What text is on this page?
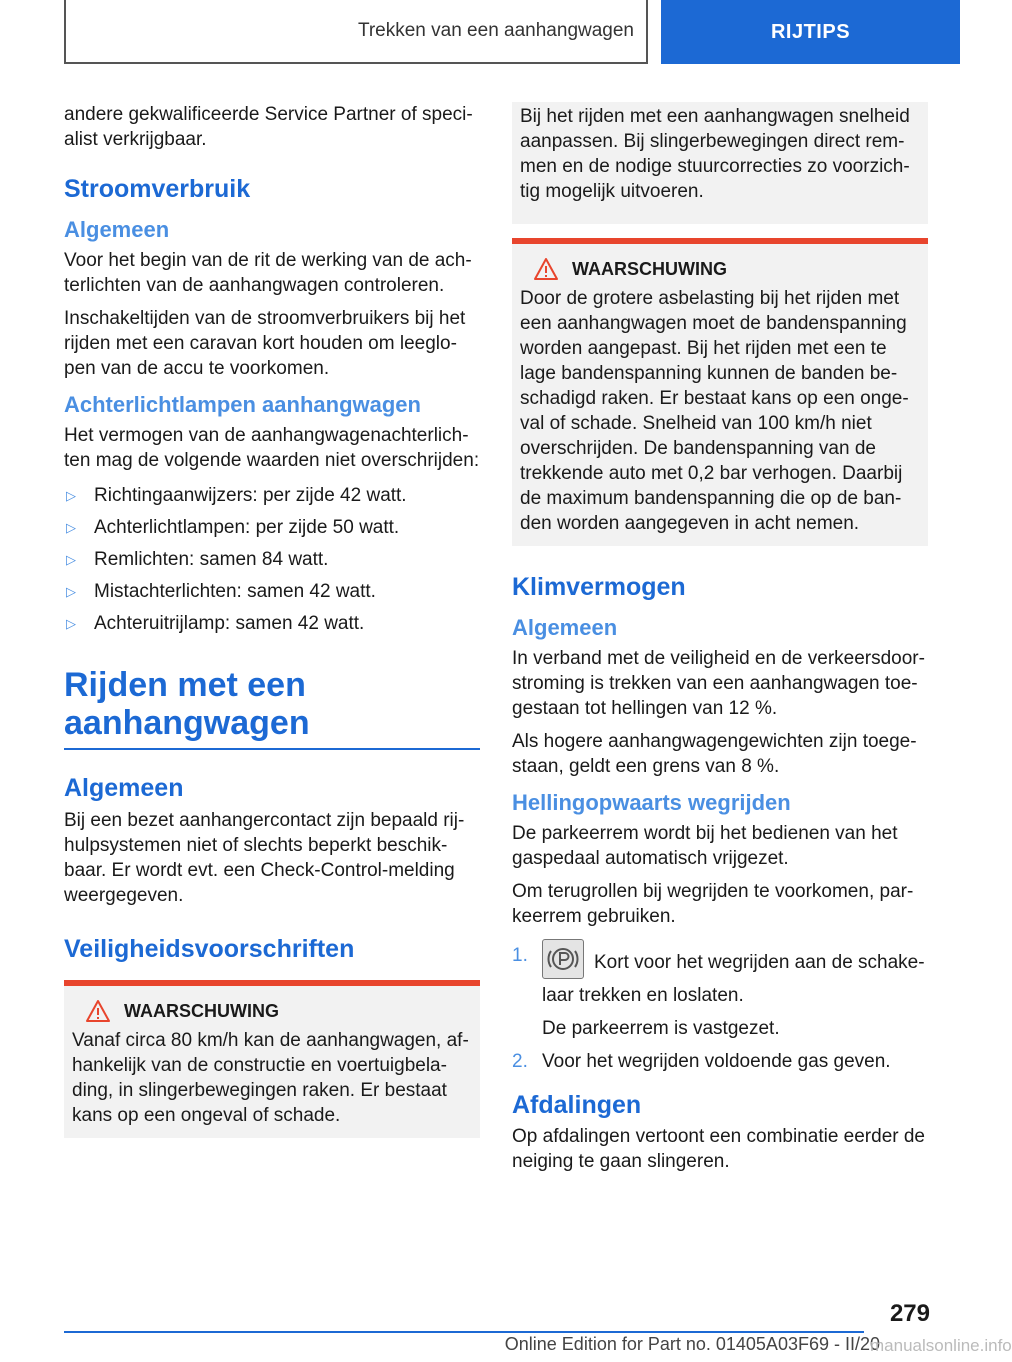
Trekken van een aanhangwagen	RIJTIPS

andere gekwalificeerde Service Partner of specialist verkrijgbaar.

Stroomverbruik
Algemeen

Voor het begin van de rit de werking van de achterlichten van de aanhangwagen controleren.

Inschakeltijden van de stroomverbruikers bij het rijden met een caravan kort houden om leeglopen van de accu te voorkomen.

Achterlichtlampen aanhangwagen

Het vermogen van de aanhangwagenachterlichten mag de volgende waarden niet overschrijden:

▷ Richtingaanwijzers: per zijde 42 watt.
▷ Achterlichtlampen: per zijde 50 watt.
▷ Remlichten: samen 84 watt.
▷ Mistachterlichten: samen 42 watt.
▷ Achteruitrijlamp: samen 42 watt.
Rijden met een aanhangwagen
Algemeen

Bij een bezet aanhangercontact zijn bepaald rijhulpsystemen niet of slechts beperkt beschikbaar. Er wordt evt. een Check-Control-melding weergegeven.

Veiligheidsvoorschriften
WAARSCHUWING

Vanaf circa 80 km/h kan de aanhangwagen, afhankelijk van de constructie en voertuigbelading, in slingerbewegingen raken. Er bestaat kans op een ongeval of schade.

Bij het rijden met een aanhangwagen snelheid aanpassen. Bij slingerbewegingen direct remmen en de nodige stuurcorrecties zo voorzichtig mogelijk uitvoeren.

WAARSCHUWING

Door de grotere asbelasting bij het rijden met een aanhangwagen moet de bandenspanning worden aangepast. Bij het rijden met een te lage bandenspanning kunnen de banden beschadigd raken. Er bestaat kans op een ongeval of schade. Snelheid van 100 km/h niet overschrijden. De bandenspanning van de trekkende auto met 0,2 bar verhogen. Daarbij de maximum bandenspanning die op de banden worden aangegeven in acht nemen.

Klimvermogen
Algemeen

In verband met de veiligheid en de verkeersdoorstroming is trekken van een aanhangwagen toegestaan tot hellingen van 12 %.

Als hogere aanhangwagengewichten zijn toegestaan, geldt een grens van 8 %.

Hellingopwaarts wegrijden

De parkeerrem wordt bij het bedienen van het gaspedaal automatisch vrijgezet.

Om terugrollen bij wegrijden te voorkomen, parkeerrem gebruiken.

1.	Kort voor het wegrijden aan de schakelaar trekken en loslaten.

De parkeerrem is vastgezet.

2. Voor het wegrijden voldoende gas geven.
Afdalingen

Op afdalingen vertoont een combinatie eerder de neiging te gaan slingeren.

279
Online Edition for Part no. 01405A03F69 - II/20
manualsonline.info
